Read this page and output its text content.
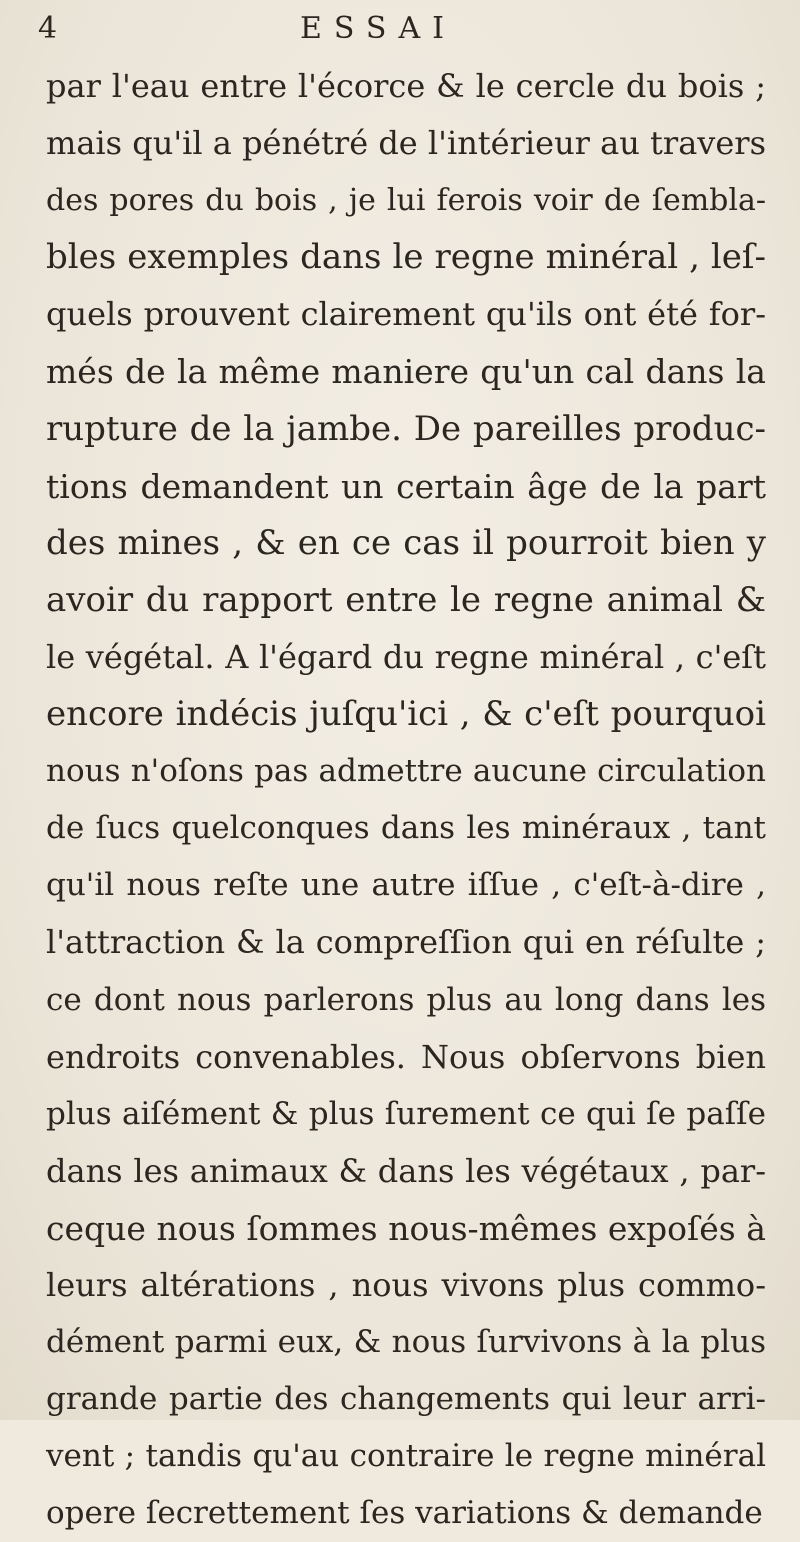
4	ESSAI
par l'eau entre l'écorce & le cercle du bois ;
mais qu'il a pénétré de l'intérieur au travers
des pores du bois , je lui ferois voir de ſembla-
bles exemples dans le regne minéral , leſ-
quels prouvent clairement qu'ils ont été for-
més de la même maniere qu'un cal dans la
rupture de la jambe. De pareilles produc-
tions demandent un certain âge de la part
des mines , & en ce cas il pourroit bien y
avoir du rapport entre le regne animal &
le végétal. A l'égard du regne minéral , c'eſt
encore indécis juſqu'ici , & c'eſt pourquoi
nous n'oſons pas admettre aucune circulation
de ſucs quelconques dans les minéraux , tant
qu'il nous reſte une autre iſſue , c'eſt-à-dire ,
l'attraction & la compreſſion qui en réſulte ;
ce dont nous parlerons plus au long dans les
endroits convenables. Nous obſervons bien
plus aiſément & plus ſurement ce qui ſe paſſe
dans les animaux & dans les végétaux , par-
ceque nous ſommes nous-mêmes expoſés à
leurs altérations , nous vivons plus commo-
dément parmi eux, & nous ſurvivons à la plus
grande partie des changements qui leur arri-
vent ; tandis qu'au contraire le regne minéral
opere ſecrettement ſes variations & demande
